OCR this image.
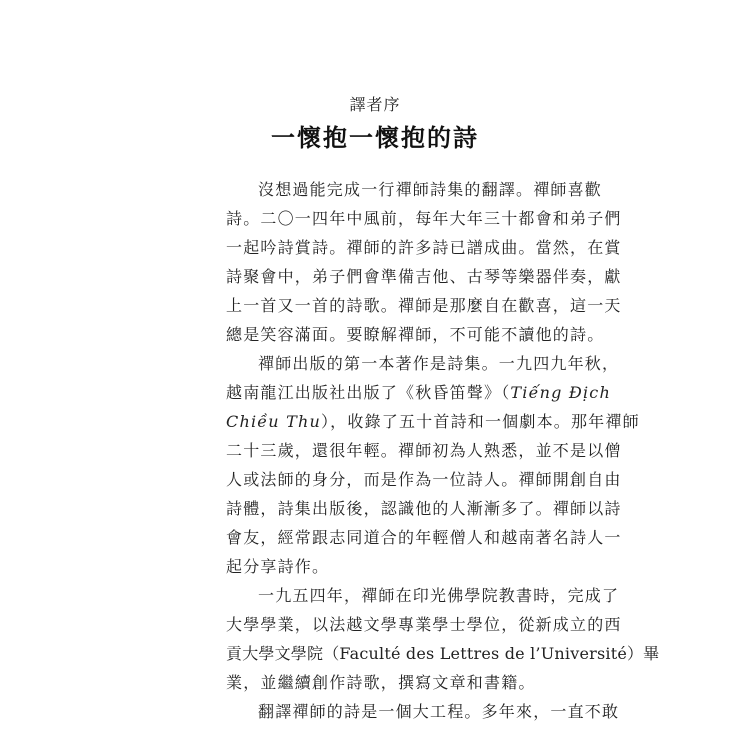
譯者序
一懷抱一懷抱的詩
沒想過能完成一行禪師詩集的翻譯。禪師喜歡
詩。二〇一四年中風前，每年大年三十都會和弟子們
一起吟詩賞詩。禪師的許多詩已譜成曲。當然，在賞
詩聚會中，弟子們會準備吉他、古琴等樂器伴奏，獻
上一首又一首的詩歌。禪師是那麼自在歡喜，這一天
總是笑容滿面。要瞭解禪師，不可能不讀他的詩。
禪師出版的第一本著作是詩集。一九四九年秋，
越南龍江出版社出版了《秋昏笛聲》（Tiếng Địch
Chiều Thu），收錄了五十首詩和一個劇本。那年禪師
二十三歲，還很年輕。禪師初為人熟悉，並不是以僧
人或法師的身分，而是作為一位詩人。禪師開創自由
詩體，詩集出版後，認識他的人漸漸多了。禪師以詩
會友，經常跟志同道合的年輕僧人和越南著名詩人一
起分享詩作。
一九五四年，禪師在印光佛學院教書時，完成了
大學學業，以法越文學專業學士學位，從新成立的西
貢大學文學院（Faculté des Lettres de l’Université）畢
業，並繼續創作詩歌，撰寫文章和書籍。
翻譯禪師的詩是一個大工程。多年來，一直不敢
